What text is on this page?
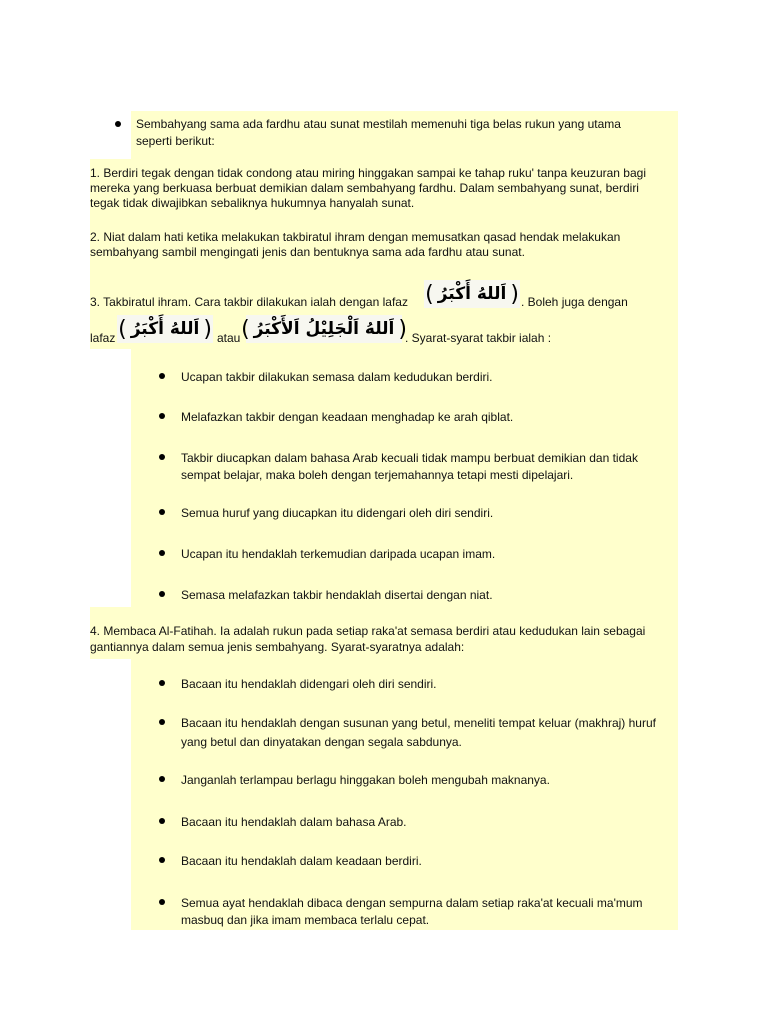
Sembahyang sama ada fardhu atau sunat mestilah memenuhi tiga belas rukun yang utama
seperti berikut:
1. Berdiri tegak dengan tidak condong atau miring hinggakan sampai ke tahap ruku' tanpa keuzuran bagi
mereka yang berkuasa berbuat demikian dalam sembahyang fardhu. Dalam sembahyang sunat, berdiri
tegak tidak diwajibkan sebaliknya hukumnya hanyalah sunat.
2. Niat dalam hati ketika melakukan takbiratul ihram dengan memusatkan qasad hendak melakukan
sembahyang sambil mengingati jenis dan bentuknya sama ada fardhu atau sunat.
3. Takbiratul ihram. Cara takbir dilakukan ialah dengan lafaz ( اَللهُ أَكْبَرُ ) . Boleh juga dengan
lafaz ( اَللهُ أَكْبَرُ ) atau ( اَللهُ اَلْجَلِيْلُ اَلأَكْبَرُ )
. Syarat-syarat takbir ialah :
Ucapan takbir dilakukan semasa dalam kedudukan berdiri.
Melafazkan takbir dengan keadaan menghadap ke arah qiblat.
Takbir diucapkan dalam bahasa Arab kecuali tidak mampu berbuat demikian dan tidak
sempat belajar, maka boleh dengan terjemahannya tetapi mesti dipelajari.
Semua huruf yang diucapkan itu didengari oleh diri sendiri.
Ucapan itu hendaklah terkemudian daripada ucapan imam.
Semasa melafazkan takbir hendaklah disertai dengan niat.
4. Membaca Al-Fatihah. Ia adalah rukun pada setiap raka'at semasa berdiri atau kedudukan lain sebagai
gantiannya dalam semua jenis sembahyang. Syarat-syaratnya adalah:
Bacaan itu hendaklah didengari oleh diri sendiri.
Bacaan itu hendaklah dengan susunan yang betul, meneliti tempat keluar (makhraj) huruf
yang betul dan dinyatakan dengan segala sabdunya.
Janganlah terlampau berlagu hinggakan boleh mengubah maknanya.
Bacaan itu hendaklah dalam bahasa Arab.
Bacaan itu hendaklah dalam keadaan berdiri.
Semua ayat hendaklah dibaca dengan sempurna dalam setiap raka'at kecuali ma'mum
masbuq dan jika imam membaca terlalu cepat.
